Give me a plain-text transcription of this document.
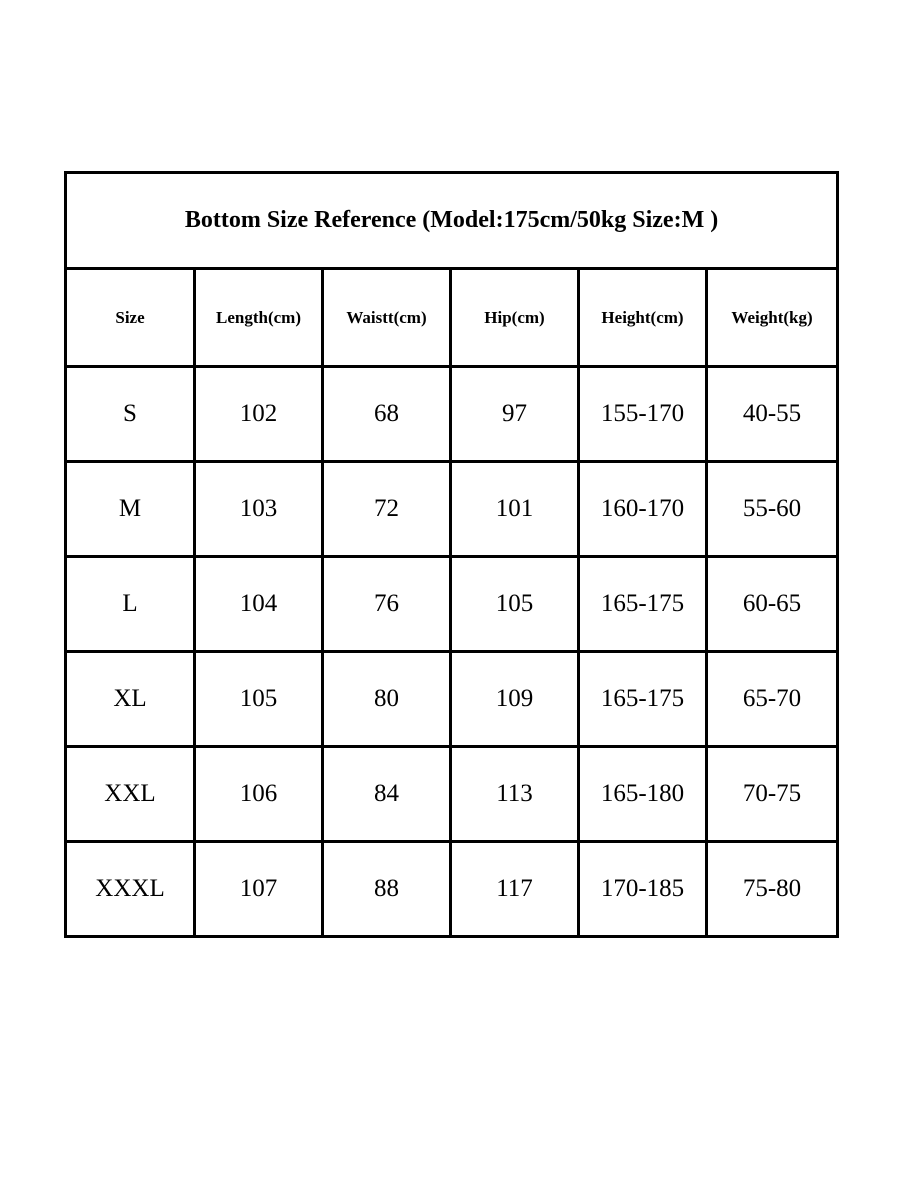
Bottom Size Reference (Model:175cm/50kg Size:M )					
Size	Length(cm)	Waistt(cm)	Hip(cm)	Height(cm)	Weight(kg)
S	102	68	97	155-170	40-55
M	103	72	101	160-170	55-60
L	104	76	105	165-175	60-65
XL	105	80	109	165-175	65-70
XXL	106	84	113	165-180	70-75
XXXL	107	88	117	170-185	75-80
